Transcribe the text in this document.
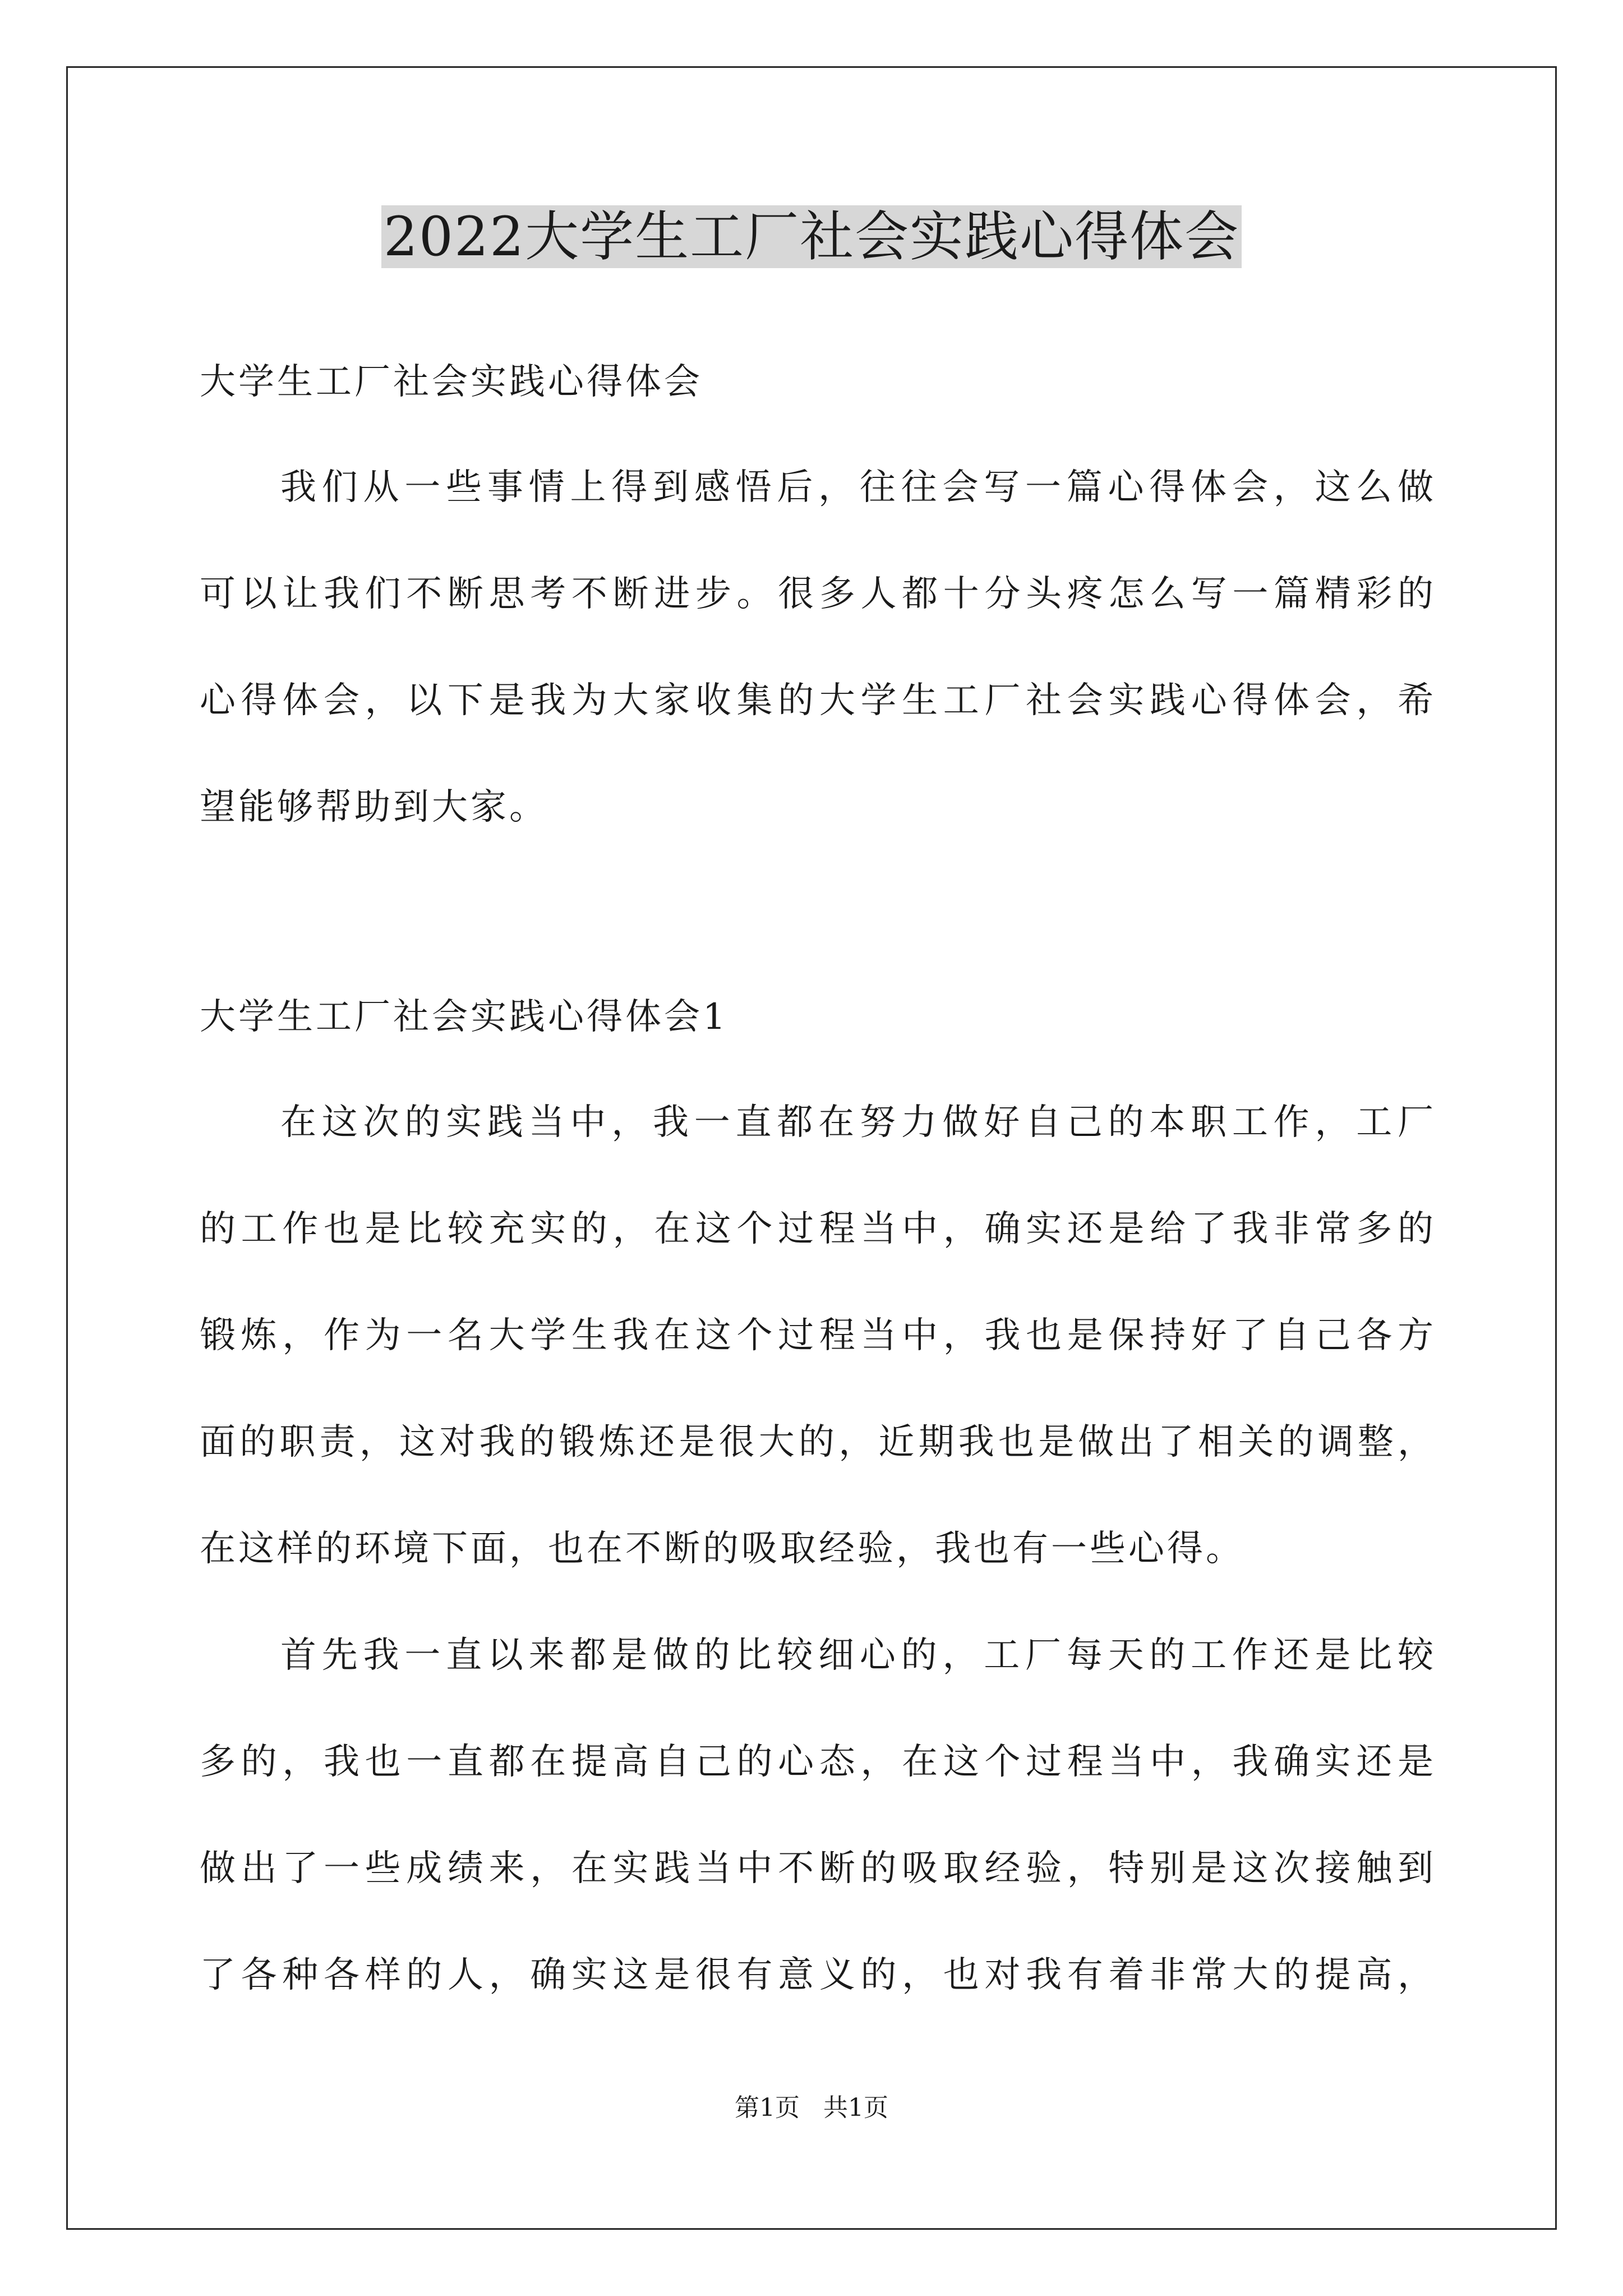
2022大学生工厂社会实践心得体会
大学生工厂社会实践心得体会
我们从一些事情上得到感悟后，往往会写一篇心得体会，这么做
可以让我们不断思考不断进步。很多人都十分头疼怎么写一篇精彩的
心得体会，以下是我为大家收集的大学生工厂社会实践心得体会，希
望能够帮助到大家。
大学生工厂社会实践心得体会1
在这次的实践当中，我一直都在努力做好自己的本职工作，工厂
的工作也是比较充实的，在这个过程当中，确实还是给了我非常多的
锻炼，作为一名大学生我在这个过程当中，我也是保持好了自己各方
面的职责，这对我的锻炼还是很大的，近期我也是做出了相关的调整，
在这样的环境下面，也在不断的吸取经验，我也有一些心得。
首先我一直以来都是做的比较细心的，工厂每天的工作还是比较
多的，我也一直都在提高自己的心态，在这个过程当中，我确实还是
做出了一些成绩来，在实践当中不断的吸取经验，特别是这次接触到
了各种各样的人，确实这是很有意义的，也对我有着非常大的提高，
第1页   共1页
